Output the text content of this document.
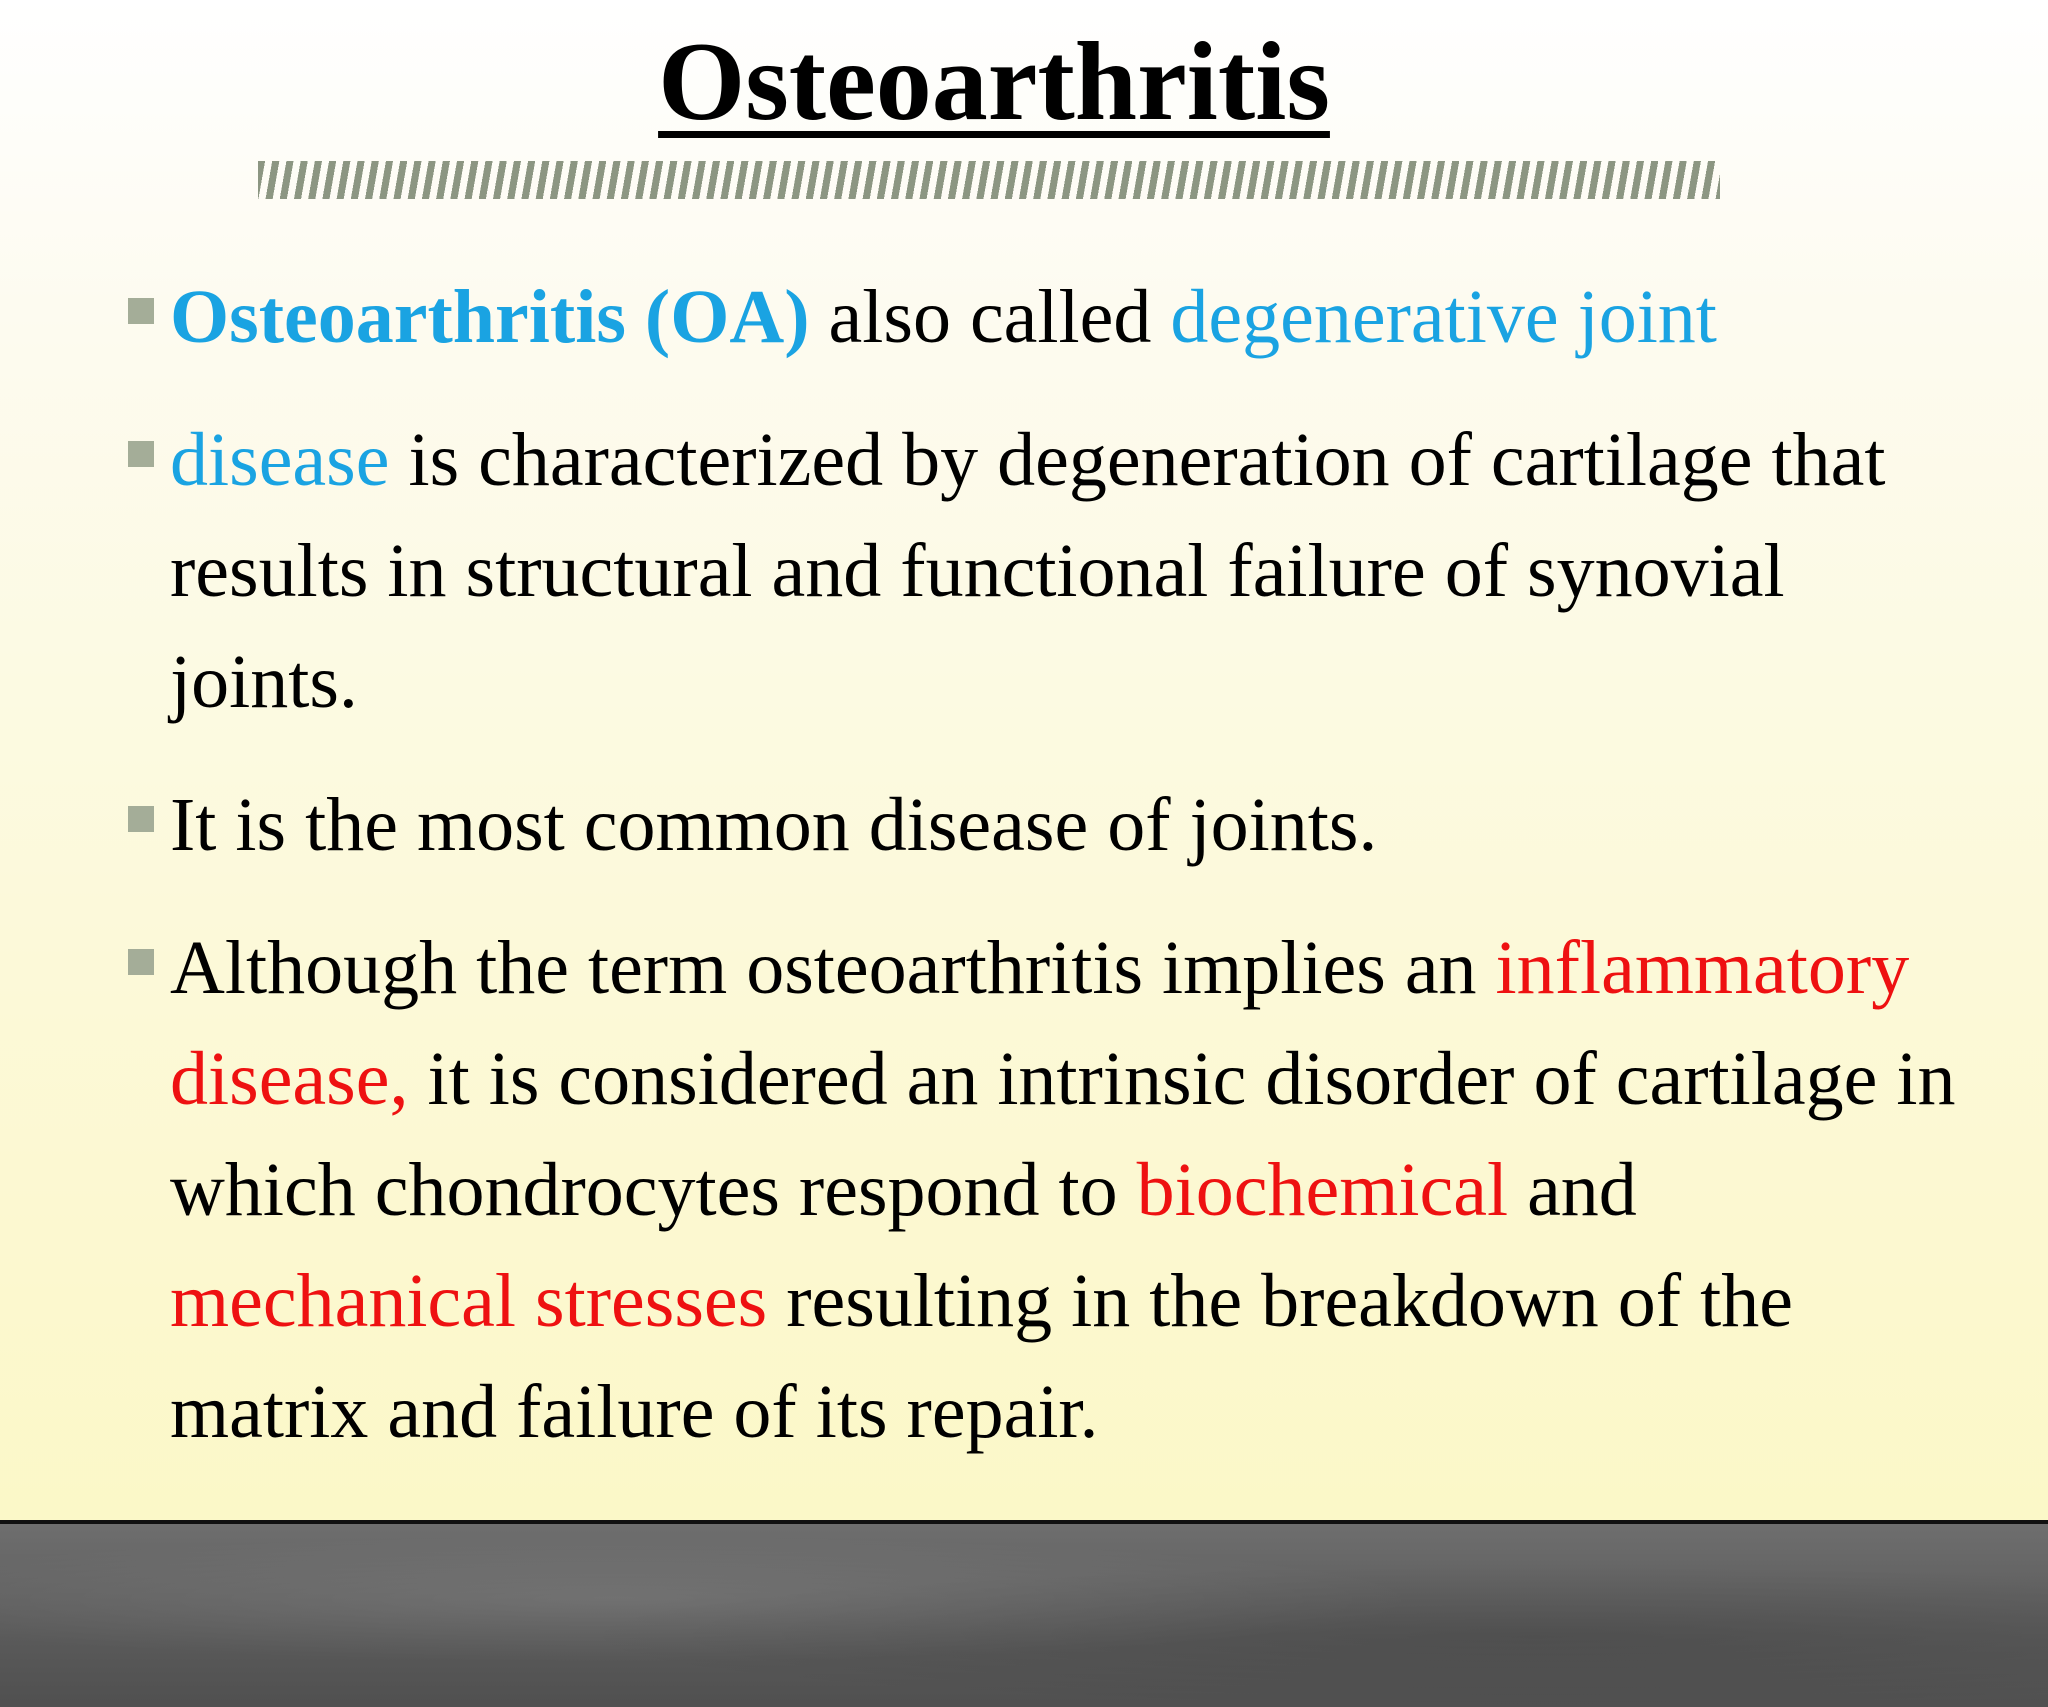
Osteoarthritis
Osteoarthritis (OA) also called degenerative joint
disease is characterized by degeneration of cartilage that results in structural and functional failure of synovial joints.
It is the most common disease of joints.
Although the term osteoarthritis implies an inflammatory disease, it is considered an intrinsic disorder of cartilage in which chondrocytes respond to biochemical and mechanical stresses resulting in the breakdown of the matrix and failure of its repair.
